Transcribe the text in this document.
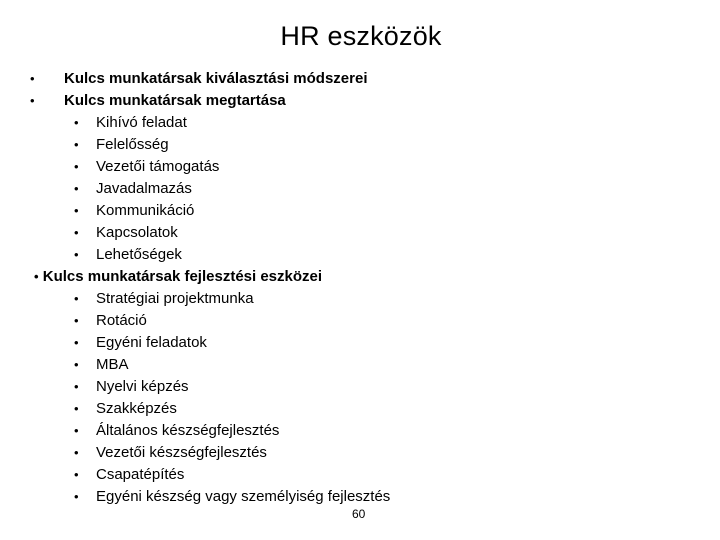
HR eszközök
• Kulcs munkatársak kiválasztási módszerei
• Kulcs munkatársak megtartása
• Kihívó feladat
• Felelősség
• Vezetői támogatás
• Javadalmazás
• Kommunikáció
• Kapcsolatok
• Lehetőségek
• Kulcs munkatársak fejlesztési eszközei
• Stratégiai projektmunka
• Rotáció
• Egyéni feladatok
• MBA
• Nyelvi képzés
• Szakképzés
• Általános készségfejlesztés
• Vezetői készségfejlesztés
• Csapatépítés
• Egyéni készség vagy személyiség fejlesztés
60
